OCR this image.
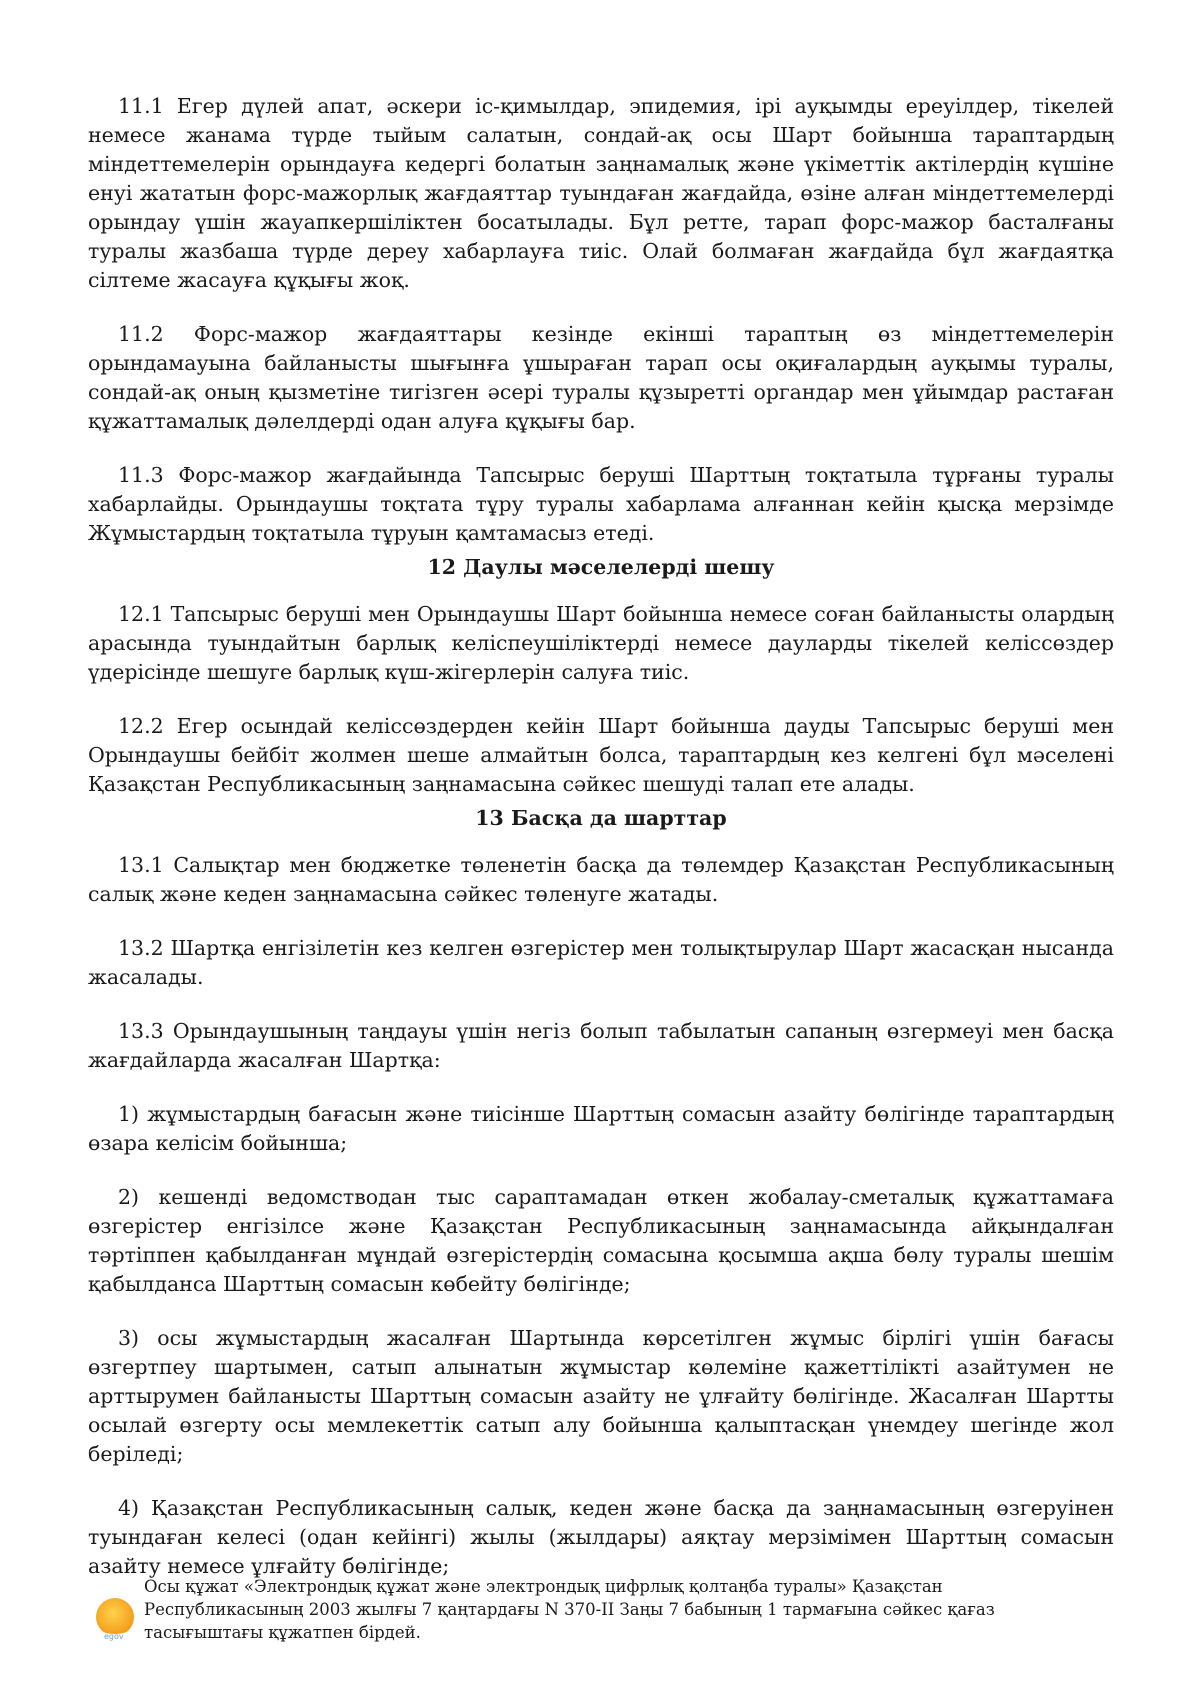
11.1 Егер дүлей апат, әскери іс-қимылдар, эпидемия, ірі ауқымды ереуілдер, тікелей немесе жанама түрде тыйым салатын, сондай-ақ осы Шарт бойынша тараптардың міндеттемелерін орындауға кедергі болатын заңнамалық және үкіметтік актілердің күшіне енуі жататын форс-мажорлық жағдаяттар туындаған жағдайда, өзіне алған міндеттемелерді орындау үшін жауапкершіліктен босатылады. Бұл ретте, тарап форс-мажор басталғаны туралы жазбаша түрде дереу хабарлауға тиіс. Олай болмаған жағдайда бұл жағдаятқа сілтеме жасауға құқығы жоқ.

11.2 Форс-мажор жағдаяттары кезінде екінші тараптың өз міндеттемелерін орындамауына байланысты шығынға ұшыраған тарап осы оқиғалардың ауқымы туралы, сондай-ақ оның қызметіне тигізген әсері туралы құзыретті органдар мен ұйымдар растаған құжаттамалық дәлелдерді одан алуға құқығы бар.

11.3 Форс-мажор жағдайында Тапсырыс беруші Шарттың тоқтатыла тұрғаны туралы хабарлайды. Орындаушы тоқтата тұру туралы хабарлама алғаннан кейін қысқа мерзімде Жұмыстардың тоқтатыла тұруын қамтамасыз етеді.

12 Даулы мәселелерді шешу

12.1 Тапсырыс беруші мен Орындаушы Шарт бойынша немесе соған байланысты олардың арасында туындайтын барлық келіспеушіліктерді немесе дауларды тікелей келіссөздер үдерісінде шешуге барлық күш-жігерлерін салуға тиіс.

12.2 Егер осындай келіссөздерден кейін Шарт бойынша дауды Тапсырыс беруші мен Орындаушы бейбіт жолмен шеше алмайтын болса, тараптардың кез келгені бұл мәселені Қазақстан Республикасының заңнамасына сәйкес шешуді талап ете алады.

13 Басқа да шарттар

13.1 Салықтар мен бюджетке төленетін басқа да төлемдер Қазақстан Республикасының салық және кеден заңнамасына сәйкес төленуге жатады.

13.2 Шартқа енгізілетін кез келген өзгерістер мен толықтырулар Шарт жасасқан нысанда жасалады.

13.3 Орындаушының таңдауы үшін негіз болып табылатын сапаның өзгермеуі мен басқа жағдайларда жасалған Шартқа:

1) жұмыстардың бағасын және тиісінше Шарттың сомасын азайту бөлігінде тараптардың өзара келісім бойынша;

2) кешенді ведомстводан тыс сараптамадан өткен жобалау-сметалық құжаттамаға өзгерістер енгізілсе және Қазақстан Республикасының заңнамасында айқындалған тәртіппен қабылданған мұндай өзгерістердің сомасына қосымша ақша бөлу туралы шешім қабылданса Шарттың сомасын көбейту бөлігінде;

3) осы жұмыстардың жасалған Шартында көрсетілген жұмыс бірлігі үшін бағасы өзгертпеу шартымен, сатып алынатын жұмыстар көлеміне қажеттілікті азайтумен не арттырумен байланысты Шарттың сомасын азайту не ұлғайту бөлігінде. Жасалған Шартты осылай өзгерту осы мемлекеттік сатып алу бойынша қалыптасқан үнемдеу шегінде жол беріледі;

4) Қазақстан Республикасының салық, кеден және басқа да заңнамасының өзгеруінен туындаған келесі (одан кейінгі) жылы (жылдары) аяқтау мерзімімен Шарттың сомасын азайту немесе ұлғайту бөлігінде;

egov
Осы құжат «Электрондық құжат және электрондық цифрлық қолтаңба туралы» Қазақстан Республикасының 2003 жылғы 7 қаңтардағы N 370-II Заңы 7 бабының 1 тармағына сәйкес қағаз тасығыштағы құжатпен бірдей.
